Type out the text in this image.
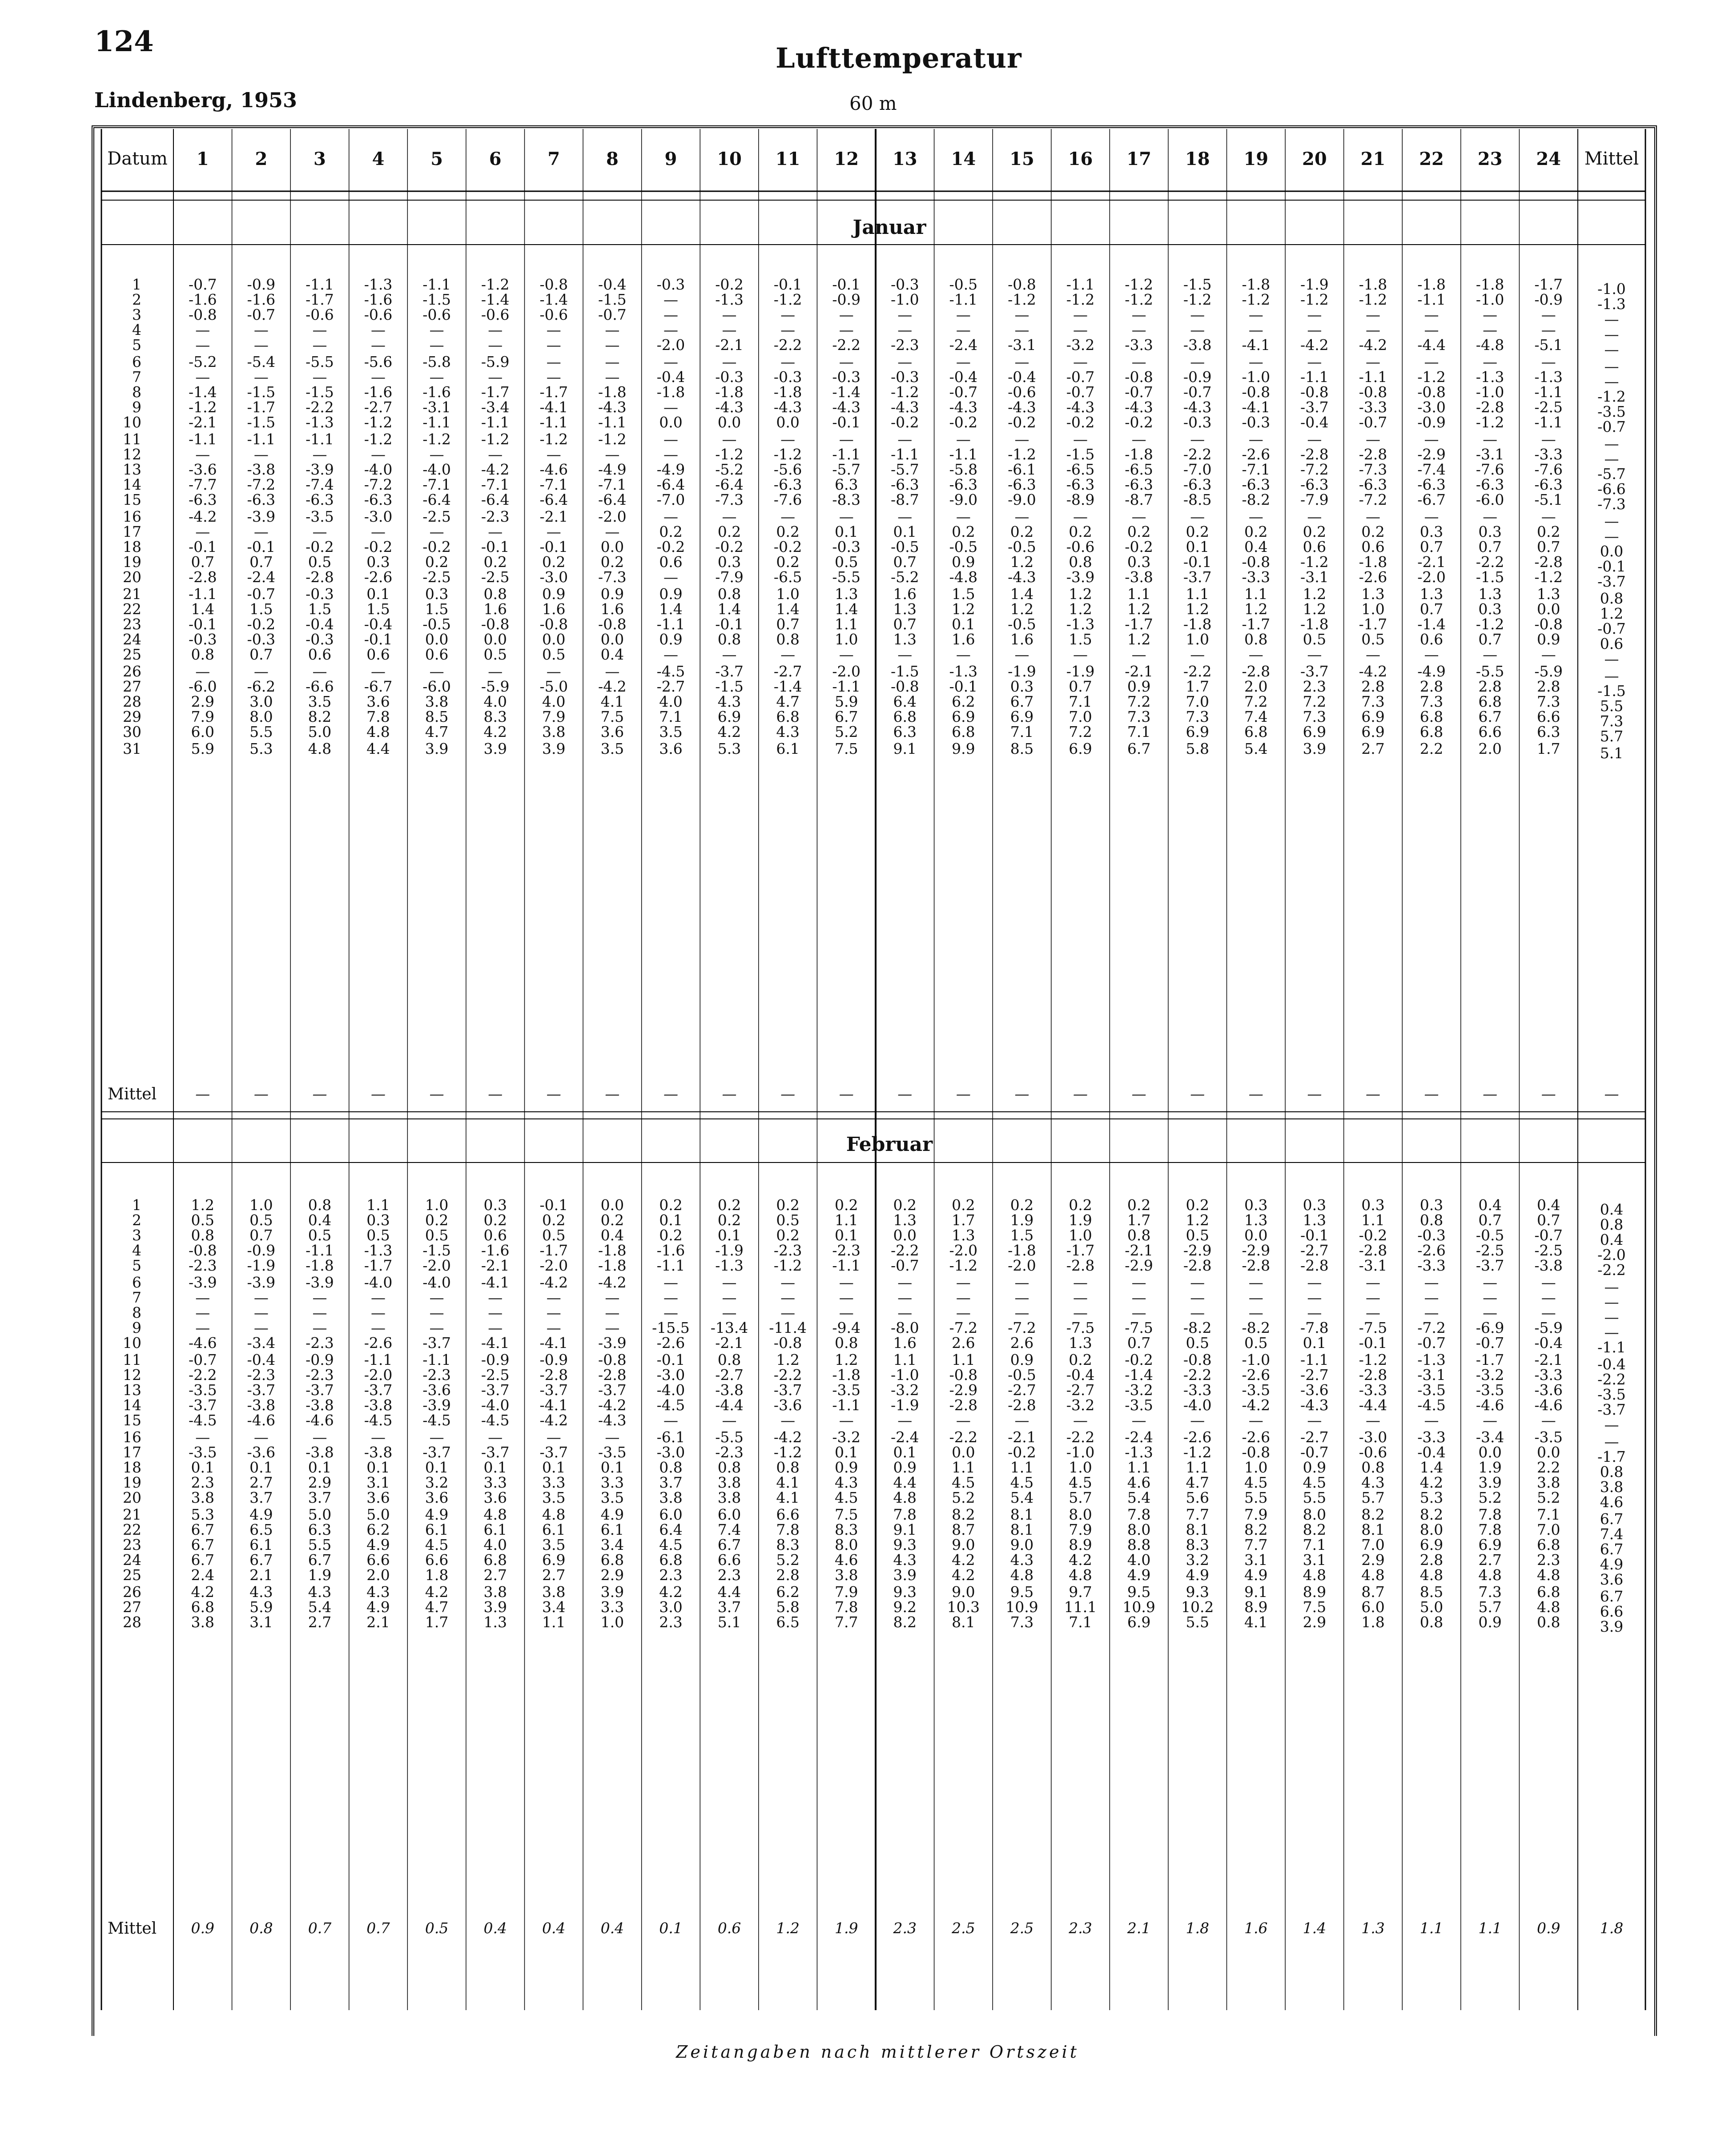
124	Lufttemperatur
Lindenberg, 1953	60 m
Datum	1	2	3	4	5	6	7	8	9	10	11	12	13	14	15	16	17	18	19	20	21	22	23	24	Mittel
1	-0.7	-0.9	-1.1	-1.3	-1.1	-1.2	-0.8	-0.4	-0.3	-0.2	-0.1	-0.1	-0.3	-0.5	-0.8	-1.1	-1.2	-1.5	-1.8	-1.9	-1.8	-1.8	-1.8	-1.7	-1.0
2	-1.6	-1.6	-1.7	-1.6	-1.5	-1.4	-1.4	-1.5	—	-1.3	-1.2	-0.9	-1.0	-1.1	-1.2	-1.2	-1.2	-1.2	-1.2	-1.2	-1.2	-1.1	-1.0	-0.9	-1.3
3	-0.8	-0.7	-0.6	-0.6	-0.6	-0.6	-0.6	-0.7	—	—	—	—	—	—	—	—	—	—	—	—	—	—	—	—	—
4	—	—	—	—	—	—	—	—	—	—	—	—	—	—	—	—	—	—	—	—	—	—	—	—	—
5	—	—	—	—	—	—	—	—	-2.0	-2.1	-2.2	-2.2	-2.3	-2.4	-3.1	-3.2	-3.3	-3.8	-4.1	-4.2	-4.2	-4.4	-4.8	-5.1	—
6	-5.2	-5.4	-5.5	-5.6	-5.8	-5.9	—	—	—	—	—	—	—	—	—	—	—	—	—	—	—	—	—	—	—
7	—	—	—	—	—	—	—	—	-0.4	-0.3	-0.3	-0.3	-0.3	-0.4	-0.4	-0.7	-0.8	-0.9	-1.0	-1.1	-1.1	-1.2	-1.3	-1.3	—
8	-1.4	-1.5	-1.5	-1.6	-1.6	-1.7	-1.7	-1.8	-1.8	-1.8	-1.8	-1.4	-1.2	-0.7	-0.6	-0.7	-0.7	-0.7	-0.8	-0.8	-0.8	-0.8	-1.0	-1.1	-1.2
9	-1.2	-1.7	-2.2	-2.7	-3.1	-3.4	-4.1	-4.3	—	-4.3	-4.3	-4.3	-4.3	-4.3	-4.3	-4.3	-4.3	-4.3	-4.1	-3.7	-3.3	-3.0	-2.8	-2.5	-3.5
10	-2.1	-1.5	-1.3	-1.2	-1.1	-1.1	-1.1	-1.1	0.0	0.0	0.0	-0.1	-0.2	-0.2	-0.2	-0.2	-0.2	-0.3	-0.3	-0.4	-0.7	-0.9	-1.2	-1.1	-0.7
11	-1.1	-1.1	-1.1	-1.2	-1.2	-1.2	-1.2	-1.2	—	—	—	—	—	—	—	—	—	—	—	—	—	—	—	—	—
12	—	—	—	—	—	—	—	—	—	-1.2	-1.2	-1.1	-1.1	-1.1	-1.2	-1.5	-1.8	-2.2	-2.6	-2.8	-2.8	-2.9	-3.1	-3.3	—
13	-3.6	-3.8	-3.9	-4.0	-4.0	-4.2	-4.6	-4.9	-4.9	-5.2	-5.6	-5.7	-5.7	-5.8	-6.1	-6.5	-6.5	-7.0	-7.1	-7.2	-7.3	-7.4	-7.6	-7.6	-5.7
14	-7.7	-7.2	-7.4	-7.2	-7.1	-7.1	-7.1	-7.1	-6.4	-6.4	-6.3	6.3	-6.3	-6.3	-6.3	-6.3	-6.3	-6.3	-6.3	-6.3	-6.3	-6.3	-6.3	-6.3	-6.6
15	-6.3	-6.3	-6.3	-6.3	-6.4	-6.4	-6.4	-6.4	-7.0	-7.3	-7.6	-8.3	-8.7	-9.0	-9.0	-8.9	-8.7	-8.5	-8.2	-7.9	-7.2	-6.7	-6.0	-5.1	-7.3
16	-4.2	-3.9	-3.5	-3.0	-2.5	-2.3	-2.1	-2.0	—	—	—	—	—	—	—	—	—	—	—	—	—	—	—	—	—
17	—	—	—	—	—	—	—	—	0.2	0.2	0.2	0.1	0.1	0.2	0.2	0.2	0.2	0.2	0.2	0.2	0.2	0.3	0.3	0.2	—
18	-0.1	-0.1	-0.2	-0.2	-0.2	-0.1	-0.1	0.0	-0.2	-0.2	-0.2	-0.3	-0.5	-0.5	-0.5	-0.6	-0.2	0.1	0.4	0.6	0.6	0.7	0.7	0.7	0.0
19	0.7	0.7	0.5	0.3	0.2	0.2	0.2	0.2	0.6	0.3	0.2	0.5	0.7	0.9	1.2	0.8	0.3	-0.1	-0.8	-1.2	-1.8	-2.1	-2.2	-2.8	-0.1
20	-2.8	-2.4	-2.8	-2.6	-2.5	-2.5	-3.0	-7.3	—	-7.9	-6.5	-5.5	-5.2	-4.8	-4.3	-3.9	-3.8	-3.7	-3.3	-3.1	-2.6	-2.0	-1.5	-1.2	-3.7
21	-1.1	-0.7	-0.3	0.1	0.3	0.8	0.9	0.9	0.9	0.8	1.0	1.3	1.6	1.5	1.4	1.2	1.1	1.1	1.1	1.2	1.3	1.3	1.3	1.3	0.8
22	1.4	1.5	1.5	1.5	1.5	1.6	1.6	1.6	1.4	1.4	1.4	1.4	1.3	1.2	1.2	1.2	1.2	1.2	1.2	1.2	1.0	0.7	0.3	0.0	1.2
23	-0.1	-0.2	-0.4	-0.4	-0.5	-0.8	-0.8	-0.8	-1.1	-0.1	0.7	1.1	0.7	0.1	-0.5	-1.3	-1.7	-1.8	-1.7	-1.8	-1.7	-1.4	-1.2	-0.8	-0.7
24	-0.3	-0.3	-0.3	-0.1	0.0	0.0	0.0	0.0	0.9	0.8	0.8	1.0	1.3	1.6	1.6	1.5	1.2	1.0	0.8	0.5	0.5	0.6	0.7	0.9	0.6
25	0.8	0.7	0.6	0.6	0.6	0.5	0.5	0.4	—	—	—	—	—	—	—	—	—	—	—	—	—	—	—	—	—
26	—	—	—	—	—	—	—	—	-4.5	-3.7	-2.7	-2.0	-1.5	-1.3	-1.9	-1.9	-2.1	-2.2	-2.8	-3.7	-4.2	-4.9	-5.5	-5.9	—
27	-6.0	-6.2	-6.6	-6.7	-6.0	-5.9	-5.0	-4.2	-2.7	-1.5	-1.4	-1.1	-0.8	-0.1	0.3	0.7	0.9	1.7	2.0	2.3	2.8	2.8	2.8	2.8	-1.5
28	2.9	3.0	3.5	3.6	3.8	4.0	4.0	4.1	4.0	4.3	4.7	5.9	6.4	6.2	6.7	7.1	7.2	7.0	7.2	7.2	7.3	7.3	6.8	7.3	5.5
29	7.9	8.0	8.2	7.8	8.5	8.3	7.9	7.5	7.1	6.9	6.8	6.7	6.8	6.9	6.9	7.0	7.3	7.3	7.4	7.3	6.9	6.8	6.7	6.6	7.3
30	6.0	5.5	5.0	4.8	4.7	4.2	3.8	3.6	3.5	4.2	4.3	5.2	6.3	6.8	7.1	7.2	7.1	6.9	6.8	6.9	6.9	6.8	6.6	6.3	5.7
31	5.9	5.3	4.8	4.4	3.9	3.9	3.9	3.5	3.6	5.3	6.1	7.5	9.1	9.9	8.5	6.9	6.7	5.8	5.4	3.9	2.7	2.2	2.0	1.7	5.1
Mittel	—	—	—	—	—	—	—	—	—	—	—	—	—	—	—	—	—	—	—	—	—	—	—	—	—
1	1.2	1.0	0.8	1.1	1.0	0.3	-0.1	0.0	0.2	0.2	0.2	0.2	0.2	0.2	0.2	0.2	0.2	0.2	0.3	0.3	0.3	0.3	0.4	0.4	0.4
2	0.5	0.5	0.4	0.3	0.2	0.2	0.2	0.2	0.1	0.2	0.5	1.1	1.3	1.7	1.9	1.9	1.7	1.2	1.3	1.3	1.1	0.8	0.7	0.7	0.8
3	0.8	0.7	0.5	0.5	0.5	0.6	0.5	0.4	0.2	0.1	0.2	0.1	0.0	1.3	1.5	1.0	0.8	0.5	0.0	-0.1	-0.2	-0.3	-0.5	-0.7	0.4
4	-0.8	-0.9	-1.1	-1.3	-1.5	-1.6	-1.7	-1.8	-1.6	-1.9	-2.3	-2.3	-2.2	-2.0	-1.8	-1.7	-2.1	-2.9	-2.9	-2.7	-2.8	-2.6	-2.5	-2.5	-2.0
5	-2.3	-1.9	-1.8	-1.7	-2.0	-2.1	-2.0	-1.8	-1.1	-1.3	-1.2	-1.1	-0.7	-1.2	-2.0	-2.8	-2.9	-2.8	-2.8	-2.8	-3.1	-3.3	-3.7	-3.8	-2.2
6	-3.9	-3.9	-3.9	-4.0	-4.0	-4.1	-4.2	-4.2	—	—	—	—	—	—	—	—	—	—	—	—	—	—	—	—	—
7	—	—	—	—	—	—	—	—	—	—	—	—	—	—	—	—	—	—	—	—	—	—	—	—	—
8	—	—	—	—	—	—	—	—	—	—	—	—	—	—	—	—	—	—	—	—	—	—	—	—	—
9	—	—	—	—	—	—	—	—	-15.5	-13.4	-11.4	-9.4	-8.0	-7.2	-7.2	-7.5	-7.5	-8.2	-8.2	-7.8	-7.5	-7.2	-6.9	-5.9	—
10	-4.6	-3.4	-2.3	-2.6	-3.7	-4.1	-4.1	-3.9	-2.6	-2.1	-0.8	0.8	1.6	2.6	2.6	1.3	0.7	0.5	0.5	0.1	-0.1	-0.7	-0.7	-0.4	-1.1
11	-0.7	-0.4	-0.9	-1.1	-1.1	-0.9	-0.9	-0.8	-0.1	0.8	1.2	1.2	1.1	1.1	0.9	0.2	-0.2	-0.8	-1.0	-1.1	-1.2	-1.3	-1.7	-2.1	-0.4
12	-2.2	-2.3	-2.3	-2.0	-2.3	-2.5	-2.8	-2.8	-3.0	-2.7	-2.2	-1.8	-1.0	-0.8	-0.5	-0.4	-1.4	-2.2	-2.6	-2.7	-2.8	-3.1	-3.2	-3.3	-2.2
13	-3.5	-3.7	-3.7	-3.7	-3.6	-3.7	-3.7	-3.7	-4.0	-3.8	-3.7	-3.5	-3.2	-2.9	-2.7	-2.7	-3.2	-3.3	-3.5	-3.6	-3.3	-3.5	-3.5	-3.6	-3.5
14	-3.7	-3.8	-3.8	-3.8	-3.9	-4.0	-4.1	-4.2	-4.5	-4.4	-3.6	-1.1	-1.9	-2.8	-2.8	-3.2	-3.5	-4.0	-4.2	-4.3	-4.4	-4.5	-4.6	-4.6	-3.7
15	-4.5	-4.6	-4.6	-4.5	-4.5	-4.5	-4.2	-4.3	—	—	—	—	—	—	—	—	—	—	—	—	—	—	—	—	—
16	—	—	—	—	—	—	—	—	-6.1	-5.5	-4.2	-3.2	-2.4	-2.2	-2.1	-2.2	-2.4	-2.6	-2.6	-2.7	-3.0	-3.3	-3.4	-3.5	—
17	-3.5	-3.6	-3.8	-3.8	-3.7	-3.7	-3.7	-3.5	-3.0	-2.3	-1.2	0.1	0.1	0.0	-0.2	-1.0	-1.3	-1.2	-0.8	-0.7	-0.6	-0.4	0.0	0.0	-1.7
18	0.1	0.1	0.1	0.1	0.1	0.1	0.1	0.1	0.8	0.8	0.8	0.9	0.9	1.1	1.1	1.0	1.1	1.1	1.0	0.9	0.8	1.4	1.9	2.2	0.8
19	2.3	2.7	2.9	3.1	3.2	3.3	3.3	3.3	3.7	3.8	4.1	4.3	4.4	4.5	4.5	4.5	4.6	4.7	4.5	4.5	4.3	4.2	3.9	3.8	3.8
20	3.8	3.7	3.7	3.6	3.6	3.6	3.5	3.5	3.8	3.8	4.1	4.5	4.8	5.2	5.4	5.7	5.4	5.6	5.5	5.5	5.7	5.3	5.2	5.2	4.6
21	5.3	4.9	5.0	5.0	4.9	4.8	4.8	4.9	6.0	6.0	6.6	7.5	7.8	8.2	8.1	8.0	7.8	7.7	7.9	8.0	8.2	8.2	7.8	7.1	6.7
22	6.7	6.5	6.3	6.2	6.1	6.1	6.1	6.1	6.4	7.4	7.8	8.3	9.1	8.7	8.1	7.9	8.0	8.1	8.2	8.2	8.1	8.0	7.8	7.0	7.4
23	6.7	6.1	5.5	4.9	4.5	4.0	3.5	3.4	4.5	6.7	8.3	8.0	9.3	9.0	9.0	8.9	8.8	8.3	7.7	7.1	7.0	6.9	6.9	6.8	6.7
24	6.7	6.7	6.7	6.6	6.6	6.8	6.9	6.8	6.8	6.6	5.2	4.6	4.3	4.2	4.3	4.2	4.0	3.2	3.1	3.1	2.9	2.8	2.7	2.3	4.9
25	2.4	2.1	1.9	2.0	1.8	2.7	2.7	2.9	2.3	2.3	2.8	3.8	3.9	4.2	4.8	4.8	4.9	4.9	4.9	4.8	4.8	4.8	4.8	4.8	3.6
26	4.2	4.3	4.3	4.3	4.2	3.8	3.8	3.9	4.2	4.4	6.2	7.9	9.3	9.0	9.5	9.7	9.5	9.3	9.1	8.9	8.7	8.5	7.3	6.8	6.7
27	6.8	5.9	5.4	4.9	4.7	3.9	3.4	3.3	3.0	3.7	5.8	7.8	9.2	10.3	10.9	11.1	10.9	10.2	8.9	7.5	6.0	5.0	5.7	4.8	6.6
28	3.8	3.1	2.7	2.1	1.7	1.3	1.1	1.0	2.3	5.1	6.5	7.7	8.2	8.1	7.3	7.1	6.9	5.5	4.1	2.9	1.8	0.8	0.9	0.8	3.9
Mittel	0.9	0.8	0.7	0.7	0.5	0.4	0.4	0.4	0.1	0.6	1.2	1.9	2.3	2.5	2.5	2.3	2.1	1.8	1.6	1.4	1.3	1.1	1.1	0.9	1.8
Januar
Februar
Zeitangaben nach mittlerer Ortszeit
